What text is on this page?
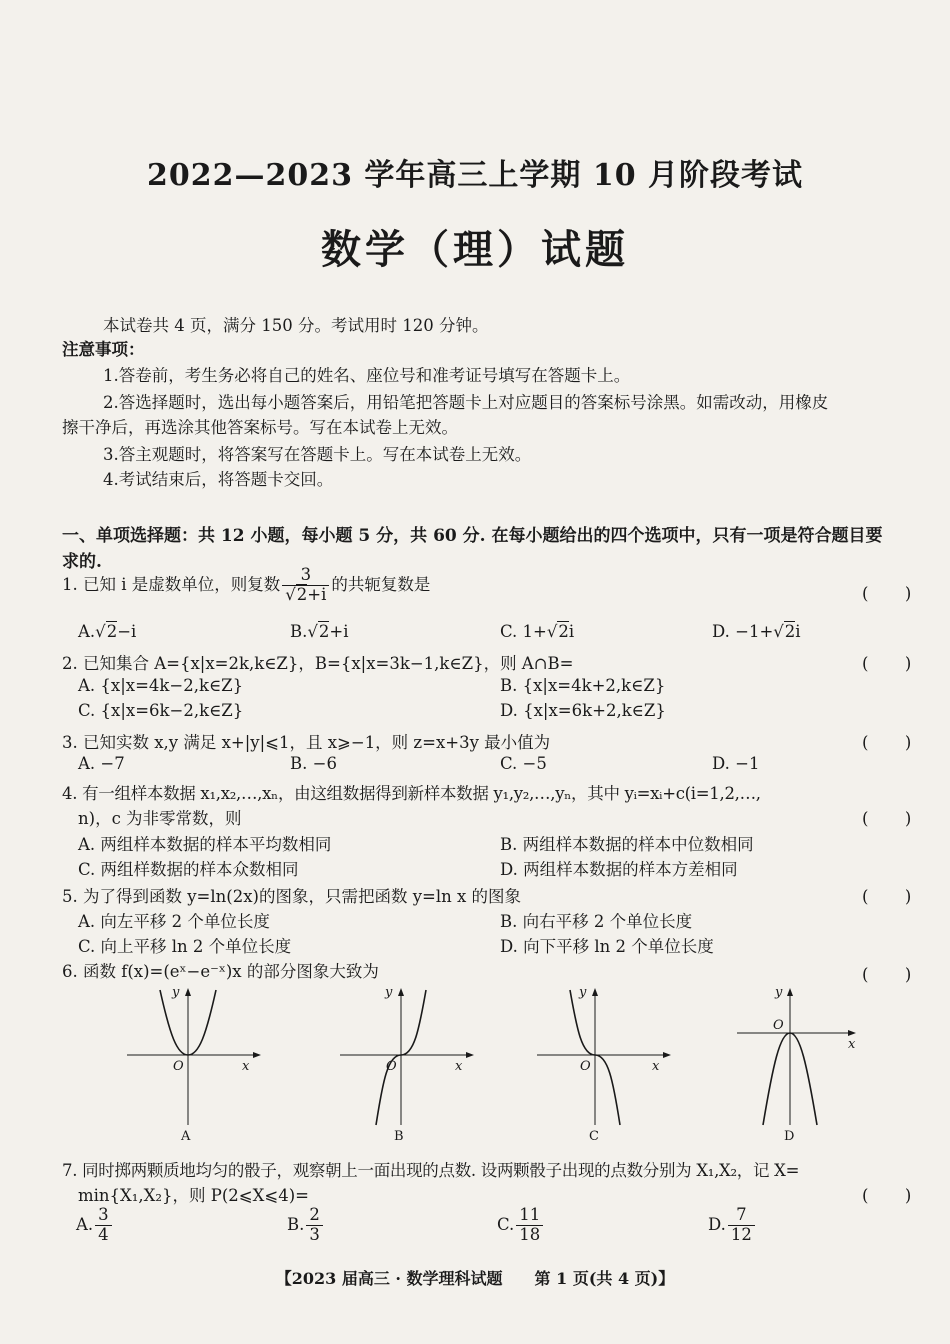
2022—2023 学年高三上学期 10 月阶段考试
数学（理）试题
本试卷共 4 页，满分 150 分。考试用时 120 分钟。
注意事项：
1.答卷前，考生务必将自己的姓名、座位号和准考证号填写在答题卡上。
2.答选择题时，选出每小题答案后，用铅笔把答题卡上对应题目的答案标号涂黑。如需改动，用橡皮
擦干净后，再选涂其他答案标号。写在本试卷上无效。
3.答主观题时，将答案写在答题卡上。写在本试卷上无效。
4.考试结束后，将答题卡交回。
一、单项选择题：共 12 小题，每小题 5 分，共 60 分. 在每小题给出的四个选项中，只有一项是符合题目要
求的.
1. 已知 i 是虚数单位，则复数 $\frac{3}{√2+i}$ 的共轭复数是	(　)
A.√2−i	B.√2+i	C. 1+√2i	D. −1+√2i
2. 已知集合 A={x|x=2k,k∈Z}，B={x|x=3k−1,k∈Z}，则 A∩B=	(　)
A. {x|x=4k−2,k∈Z}	B. {x|x=4k+2,k∈Z}
C. {x|x=6k−2,k∈Z}	D. {x|x=6k+2,k∈Z}
3. 已知实数 x,y 满足 x+|y|⩽1，且 x⩾−1，则 z=x+3y 最小值为	(　)
A. −7	B. −6	C. −5	D. −1
4. 有一组样本数据 x₁,x₂,…,xₙ，由这组数据得到新样本数据 y₁,y₂,…,yₙ，其中 yᵢ=xᵢ+c(i=1,2,…,
n)，c 为非零常数，则	(　)
A. 两组样本数据的样本平均数相同	B. 两组样本数据的样本中位数相同
C. 两组样数据的样本众数相同	D. 两组样本数据的样本方差相同
5. 为了得到函数 y=ln(2x)的图象，只需把函数 y=ln x 的图象	(　)
A. 向左平移 2 个单位长度	B. 向右平移 2 个单位长度
C. 向上平移 ln 2 个单位长度	D. 向下平移 ln 2 个单位长度
6. 函数 f(x)=(eˣ−e⁻ˣ)x 的部分图象大致为	(　)
y
x
O
A
y
x
O
B
y
x
O
C
y
x
O
D
7. 同时掷两颗质地均匀的骰子，观察朝上一面出现的点数. 设两颗骰子出现的点数分别为 X₁,X₂，记 X=
min{X₁,X₂}，则 P(2⩽X⩽4)=	(　)
A. $\frac{3}{4}$	B. $\frac{2}{3}$	C. $\frac{11}{18}$	D. $\frac{7}{12}$
【2023 届高三 · 数学理科试题　　第 1 页(共 4 页)】
